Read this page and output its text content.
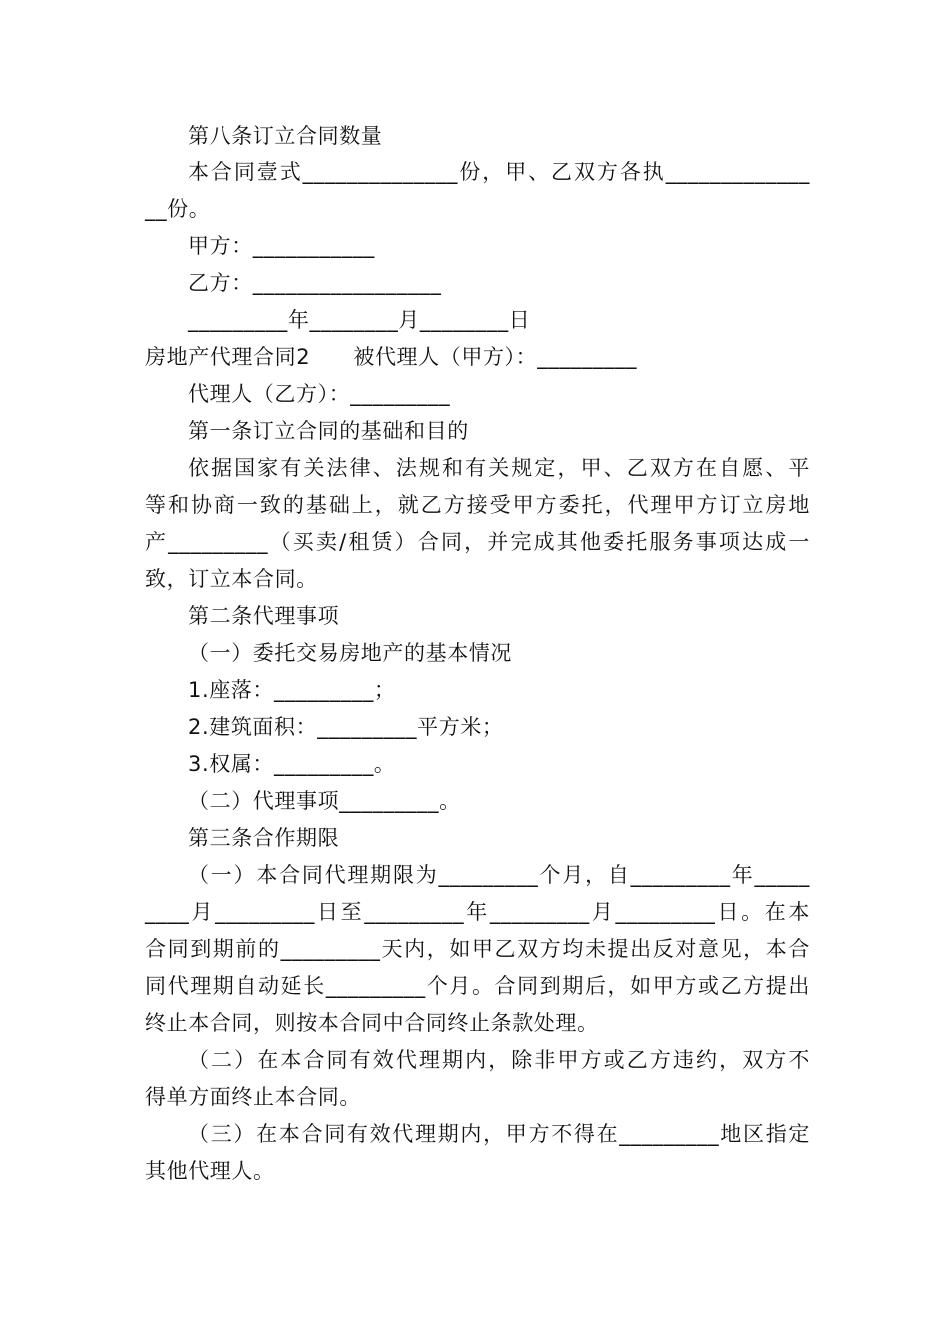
第八条订立合同数量
本合同壹式______________份，甲、乙双方各执_____________
__份。
甲方：___________
乙方：_________________
_________年________月________日
房地产代理合同2　　被代理人（甲方）：_________
代理人（乙方）：_________
第一条订立合同的基础和目的
依据国家有关法律、法规和有关规定，甲、乙双方在自愿、平
等和协商一致的基础上，就乙方接受甲方委托，代理甲方订立房地
产_________（买卖/租赁）合同，并完成其他委托服务事项达成一
致，订立本合同。
第二条代理事项
（一）委托交易房地产的基本情况
1.座落：_________；
2.建筑面积：_________平方米；
3.权属：_________。
（二）代理事项_________。
第三条合作期限
（一）本合同代理期限为_________个月，自_________年_____
____月_________日至_________年_________月_________日。在本
合同到期前的_________天内，如甲乙双方均未提出反对意见，本合
同代理期自动延长_________个月。合同到期后，如甲方或乙方提出
终止本合同，则按本合同中合同终止条款处理。
（二）在本合同有效代理期内，除非甲方或乙方违约，双方不
得单方面终止本合同。
（三）在本合同有效代理期内，甲方不得在_________地区指定
其他代理人。
